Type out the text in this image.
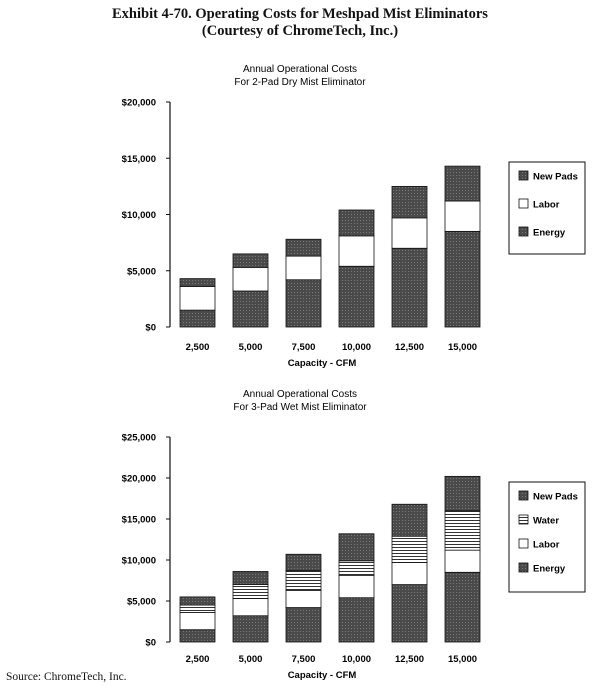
Exhibit 4-70. Operating Costs for Meshpad Mist Eliminators
(Courtesy of ChromeTech, Inc.)
Annual Operational Costs
For 2-Pad Dry Mist Eliminator
$0
$5,000
$10,000
$15,000
$20,000
2,500	5,000	7,500	10,000	12,500	15,000
Capacity - CFM
New Pads
Labor
Energy
Annual Operational Costs
For 3-Pad Wet Mist Eliminator
$0
$5,000
$10,000
$15,000
$20,000
$25,000
2,500	5,000	7,500	10,000	12,500	15,000
Capacity - CFM
New Pads
Water
Labor
Energy
Source: ChromeTech, Inc.
